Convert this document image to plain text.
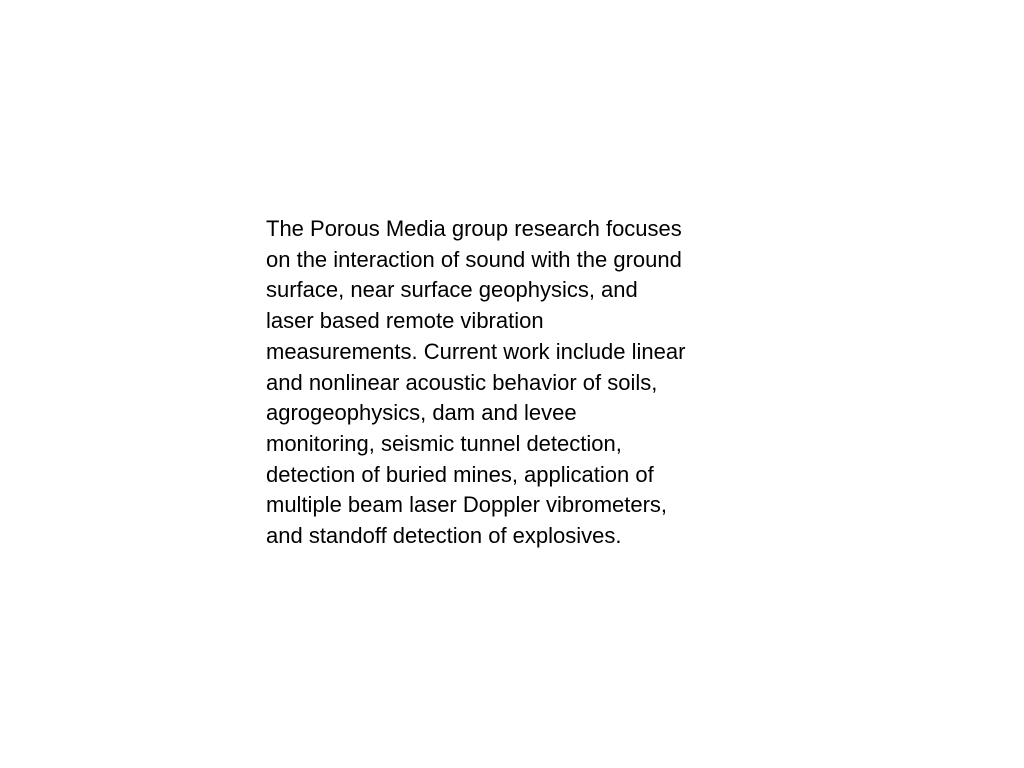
The Porous Media group research focuses
on the interaction of sound with the ground
surface, near surface geophysics, and
laser based remote vibration
measurements. Current work include linear
and nonlinear acoustic behavior of soils,
agrogeophysics, dam and levee
monitoring, seismic tunnel detection,
detection of buried mines, application of
multiple beam laser Doppler vibrometers,
and standoff detection of explosives.
